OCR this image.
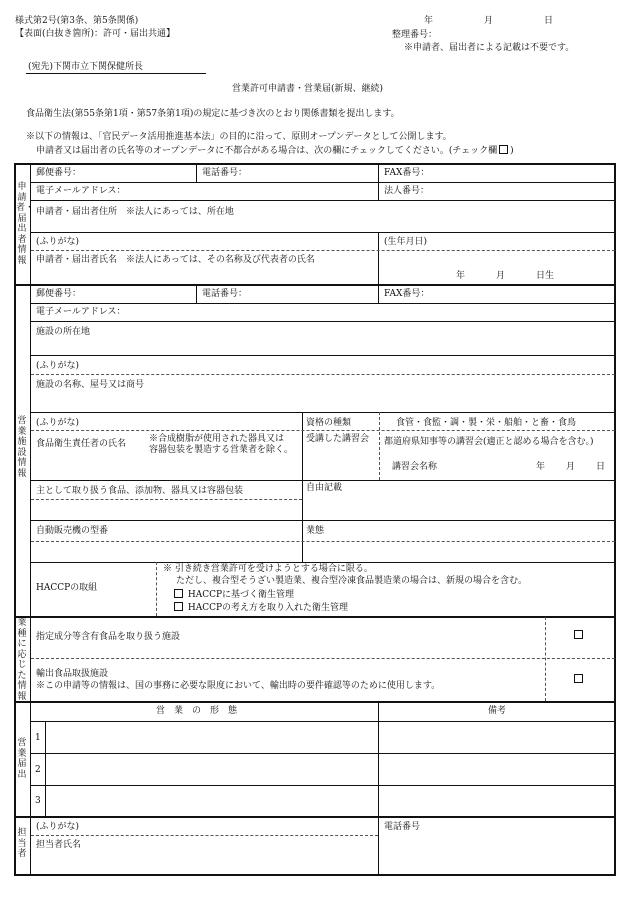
様式第2号(第3条、第5条関係)
【表面(白抜き箇所)：許可・届出共通】
年	月	日
整理番号：
※申請者、届出者による記載は不要です。
(宛先)下関市立下関保健所長
営業許可申請書・営業届(新規、継続)
食品衛生法(第55条第1項・第57条第1項)の規定に基づき次のとおり関係書類を提出します。
※以下の情報は、「官民データ活用推進基本法」の目的に沿って、原則オープンデータとして公開します。
申請者又は届出者の氏名等のオープンデータに不都合がある場合は、次の欄にチェックしてください。(チェック欄 )
申請者・届出者情報
郵便番号：	電話番号：	FAX番号：
電子メールアドレス：	法人番号：
申請者・届出者住所　※法人にあっては、所在地
(ふりがな)	(生年月日)
申請者・届出者氏名　※法人にあっては、その名称及び代表者の氏名
年	月	日生
営業施設情報
郵便番号：	電話番号：	FAX番号：
電子メールアドレス：
施設の所在地
(ふりがな)
施設の名称、屋号又は商号
(ふりがな)	資格の種類	食管・食監・調・製・栄・船舶・と畜・食鳥
食品衛生責任者の氏名	※合成樹脂が使用された器具又は
容器包装を製造する営業者を除く。
受講した講習会 都道府県知事等の講習会(適正と認める場合を含む。)
講習会名称	年 月 日
主として取り扱う食品、添加物、器具又は容器包装	自由記載
自動販売機の型番	業態
HACCPの取組
※ 引き続き営業許可を受けようとする場合に限る。
ただし、複合型そうざい製造業、複合型冷凍食品製造業の場合は、新規の場合を含む。
HACCPに基づく衛生管理
HACCPの考え方を取り入れた衛生管理
業種に応じた情報
指定成分等含有食品を取り扱う施設
輸出食品取扱施設
※この申請等の情報は、国の事務に必要な限度において、輸出時の要件確認等のために使用します。
営業届出
営　業　の　形　態	備考
1
2
3
担当者
(ふりがな)	電話番号
担当者氏名
